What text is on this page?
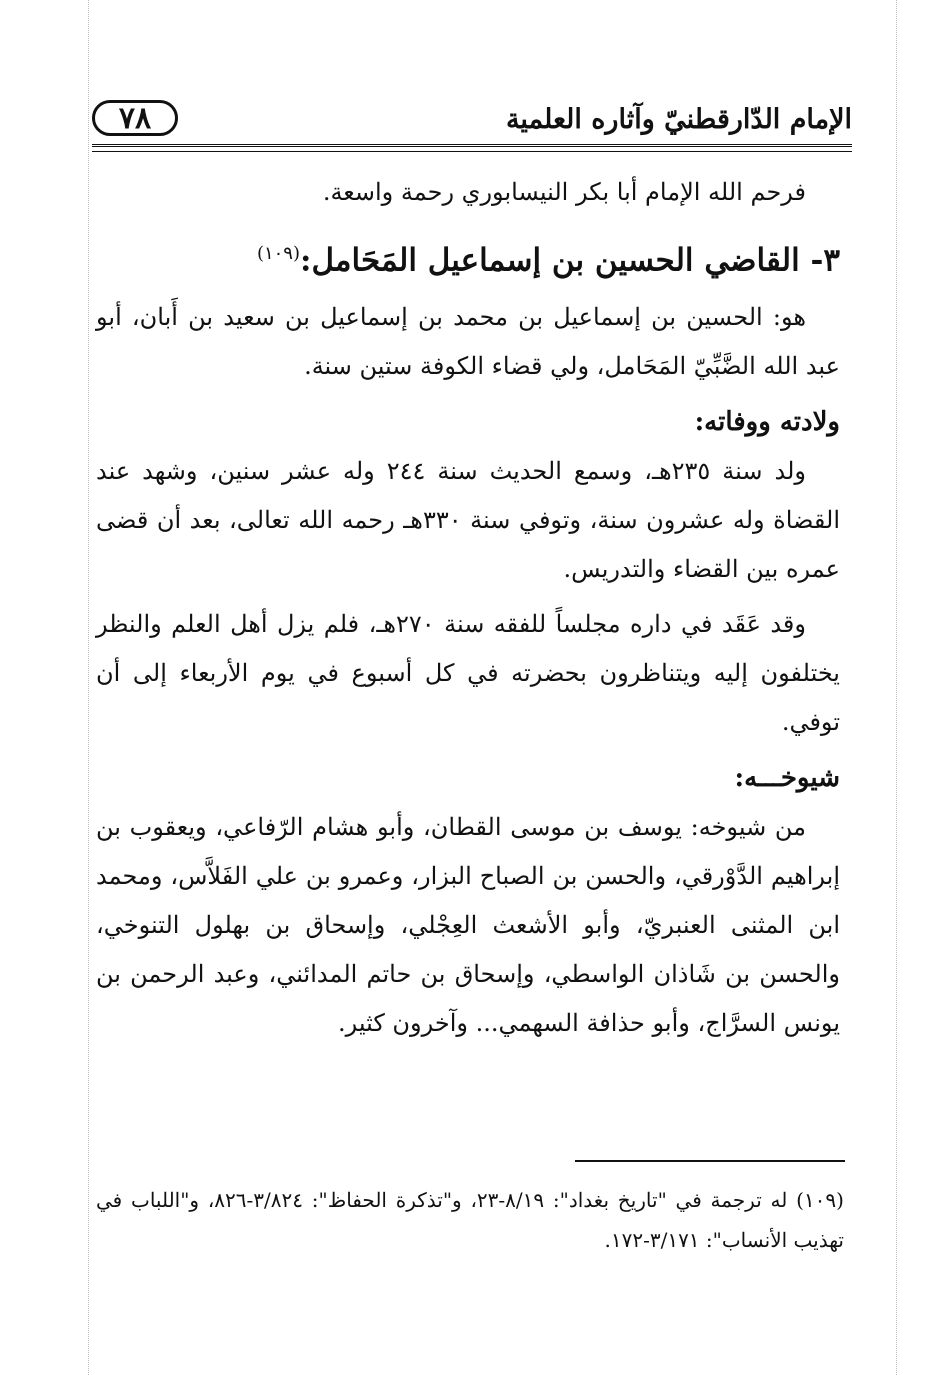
٧٨	الإمام الدّارقطنيّ وآثاره العلمية

فرحم الله الإمام أبا بكر النيسابوري رحمة واسعة.

٣- القاضي الحسين بن إسماعيل المَحَامل:$^{(١٠٩)}$

هو: الحسين بن إسماعيل بن محمد بن إسماعيل بن سعيد بن أَبان، أبو عبد الله الضَّبِّيّ المَحَامل، ولي قضاء الكوفة ستين سنة.

ولادته ووفاته:

ولد سنة ٢٣٥هـ، وسمع الحديث سنة ٢٤٤ وله عشر سنين، وشهد عند القضاة وله عشرون سنة، وتوفي سنة ٣٣٠هـ رحمه الله تعالى، بعد أن قضى عمره بين القضاء والتدريس.

وقد عَقَد في داره مجلساً للفقه سنة ٢٧٠هـ، فلم يزل أهل العلم والنظر يختلفون إليه ويتناظرون بحضرته في كل أسبوع في يوم الأربعاء إلى أن توفي.

شيوخـــه:

من شيوخه: يوسف بن موسى القطان، وأبو هشام الرّفاعي، ويعقوب بن إبراهيم الدَّوْرقي، والحسن بن الصباح البزار، وعمرو بن علي الفَلاَّس، ومحمد ابن المثنى العنبريّ، وأبو الأشعث العِجْلي، وإسحاق بن بهلول التنوخي، والحسن بن شَاذان الواسطي، وإسحاق بن حاتم المدائني، وعبد الرحمن بن يونس السرَّاج، وأبو حذافة السهمي... وآخرون كثير.

(١٠٩) له ترجمة في "تاريخ بغداد": ٨/١٩-٢٣، و"تذكرة الحفاظ": ٣/٨٢٤-٨٢٦، و"اللباب في تهذيب الأنساب": ٣/١٧١-١٧٢.
